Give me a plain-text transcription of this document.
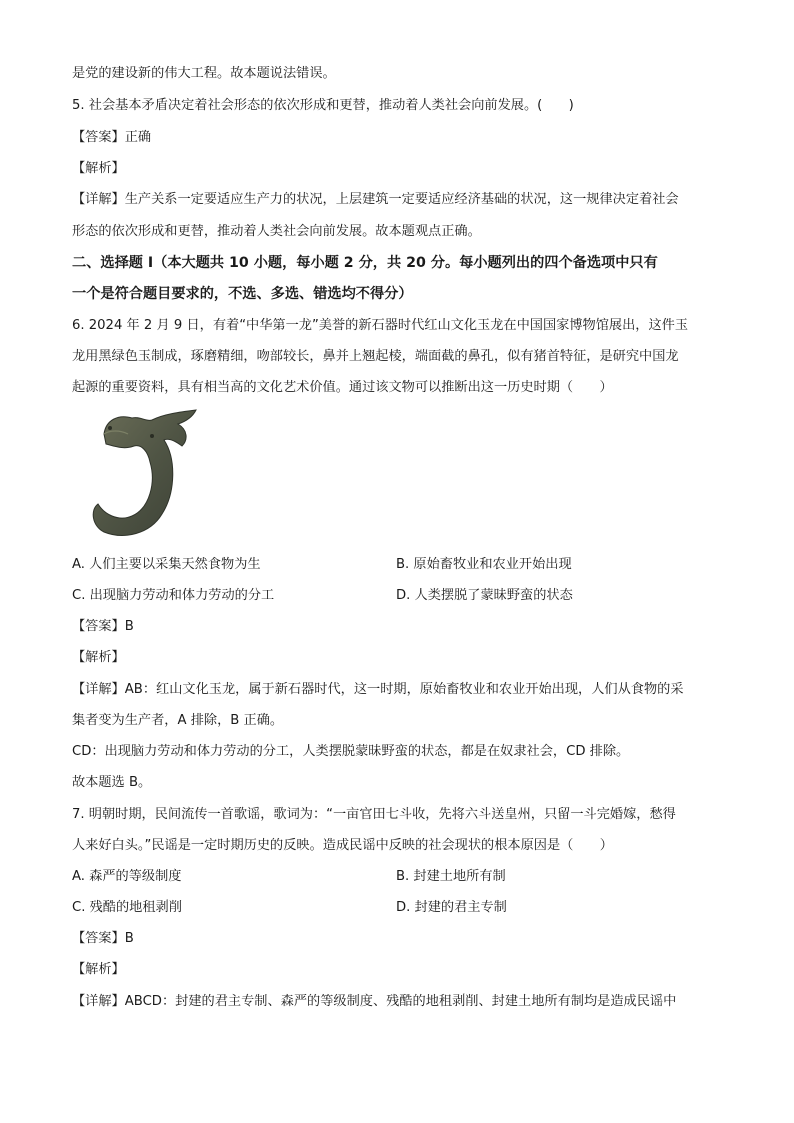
是党的建设新的伟大工程。故本题说法错误。
5. 社会基本矛盾决定着社会形态的依次形成和更替，推动着人类社会向前发展。(　　)
【答案】正确
【解析】
【详解】生产关系一定要适应生产力的状况，上层建筑一定要适应经济基础的状况，这一规律决定着社会
形态的依次形成和更替，推动着人类社会向前发展。故本题观点正确。
二、选择题 I（本大题共 10 小题，每小题 2 分，共 20 分。每小题列出的四个备选项中只有
一个是符合题目要求的，不选、多选、错选均不得分）
6. 2024 年 2 月 9 日，有着“中华第一龙”美誉的新石器时代红山文化玉龙在中国国家博物馆展出，这件玉
龙用黑绿色玉制成，琢磨精细，吻部较长，鼻并上翘起棱，端面截的鼻孔，似有猪首特征，是研究中国龙
起源的重要资料，具有相当高的文化艺术价值。通过该文物可以推断出这一历史时期（　　）
A. 人们主要以采集天然食物为生	B. 原始畜牧业和农业开始出现
C. 出现脑力劳动和体力劳动的分工	D. 人类摆脱了蒙昧野蛮的状态
【答案】B
【解析】
【详解】AB：红山文化玉龙，属于新石器时代，这一时期，原始畜牧业和农业开始出现，人们从食物的采
集者变为生产者，A 排除，B 正确。
CD：出现脑力劳动和体力劳动的分工，人类摆脱蒙昧野蛮的状态，都是在奴隶社会，CD 排除。
故本题选 B。
7. 明朝时期，民间流传一首歌谣，歌词为：“一亩官田七斗收，先将六斗送皇州，只留一斗完婚嫁，愁得
人来好白头。”民谣是一定时期历史的反映。造成民谣中反映的社会现状的根本原因是（　　）
A. 森严的等级制度	B. 封建土地所有制
C. 残酷的地租剥削	D. 封建的君主专制
【答案】B
【解析】
【详解】ABCD：封建的君主专制、森严的等级制度、残酷的地租剥削、封建土地所有制均是造成民谣中
